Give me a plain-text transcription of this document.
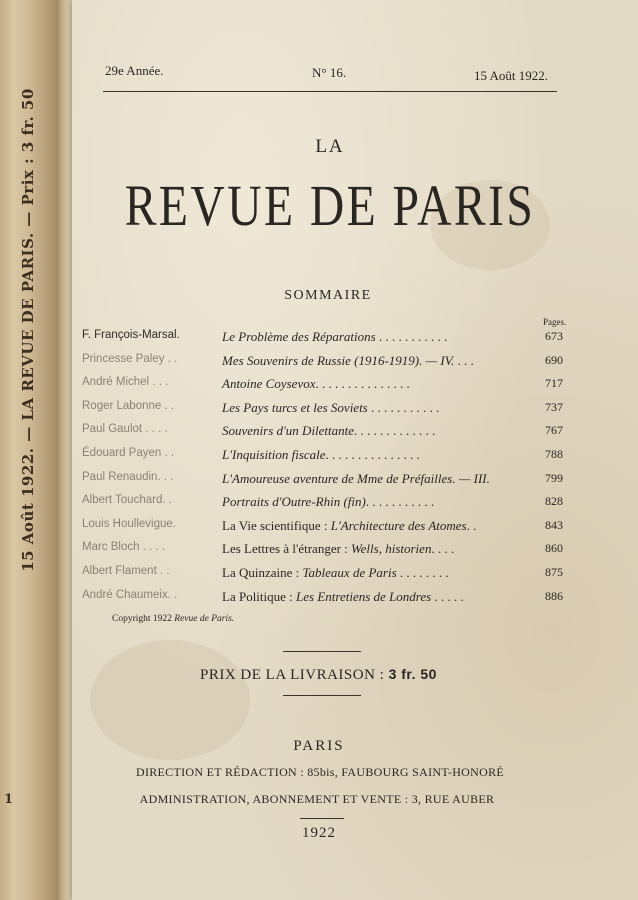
15 Août 1922. — LA REVUE DE PARIS. — Prix : 3 fr. 50
1
29e Année.	N° 16.	15 Août 1922.
LA
REVUE DE PARIS
SOMMAIRE
Pages.
F. François-Marsal.	Le Problème des Réparations . . . . . . . . . . .	673
Princesse Paley . .	Mes Souvenirs de Russie (1916-1919). — IV. . . .	690
André Michel . . .	Antoine Coysevox. . . . . . . . . . . . . . .	717
Roger Labonne . .	Les Pays turcs et les Soviets . . . . . . . . . . .	737
Paul Gaulot . . . .	Souvenirs d'un Dilettante. . . . . . . . . . . . .	767
Édouard Payen . .	L'Inquisition fiscale. . . . . . . . . . . . . . .	788
Paul Renaudin. . .	L'Amoureuse aventure de Mme de Préfailles. — III.	799
Albert Touchard. .	Portraits d'Outre-Rhin (fin). . . . . . . . . . .	828
Louis Houllevigue.	La Vie scientifique : L'Architecture des Atomes. .	843
Marc Bloch . . . .	Les Lettres à l'étranger : Wells, historien. . . .	860
Albert Flament . .	La Quinzaine : Tableaux de Paris . . . . . . . .	875
André Chaumeix. .	La Politique : Les Entretiens de Londres . . . . .	886
Copyright 1922 Revue de Paris.
PRIX DE LA LIVRAISON : 3 fr. 50
PARIS
DIRECTION ET RÉDACTION : 85bis, FAUBOURG SAINT-HONORÉ
ADMINISTRATION, ABONNEMENT ET VENTE : 3, RUE AUBER
1922
